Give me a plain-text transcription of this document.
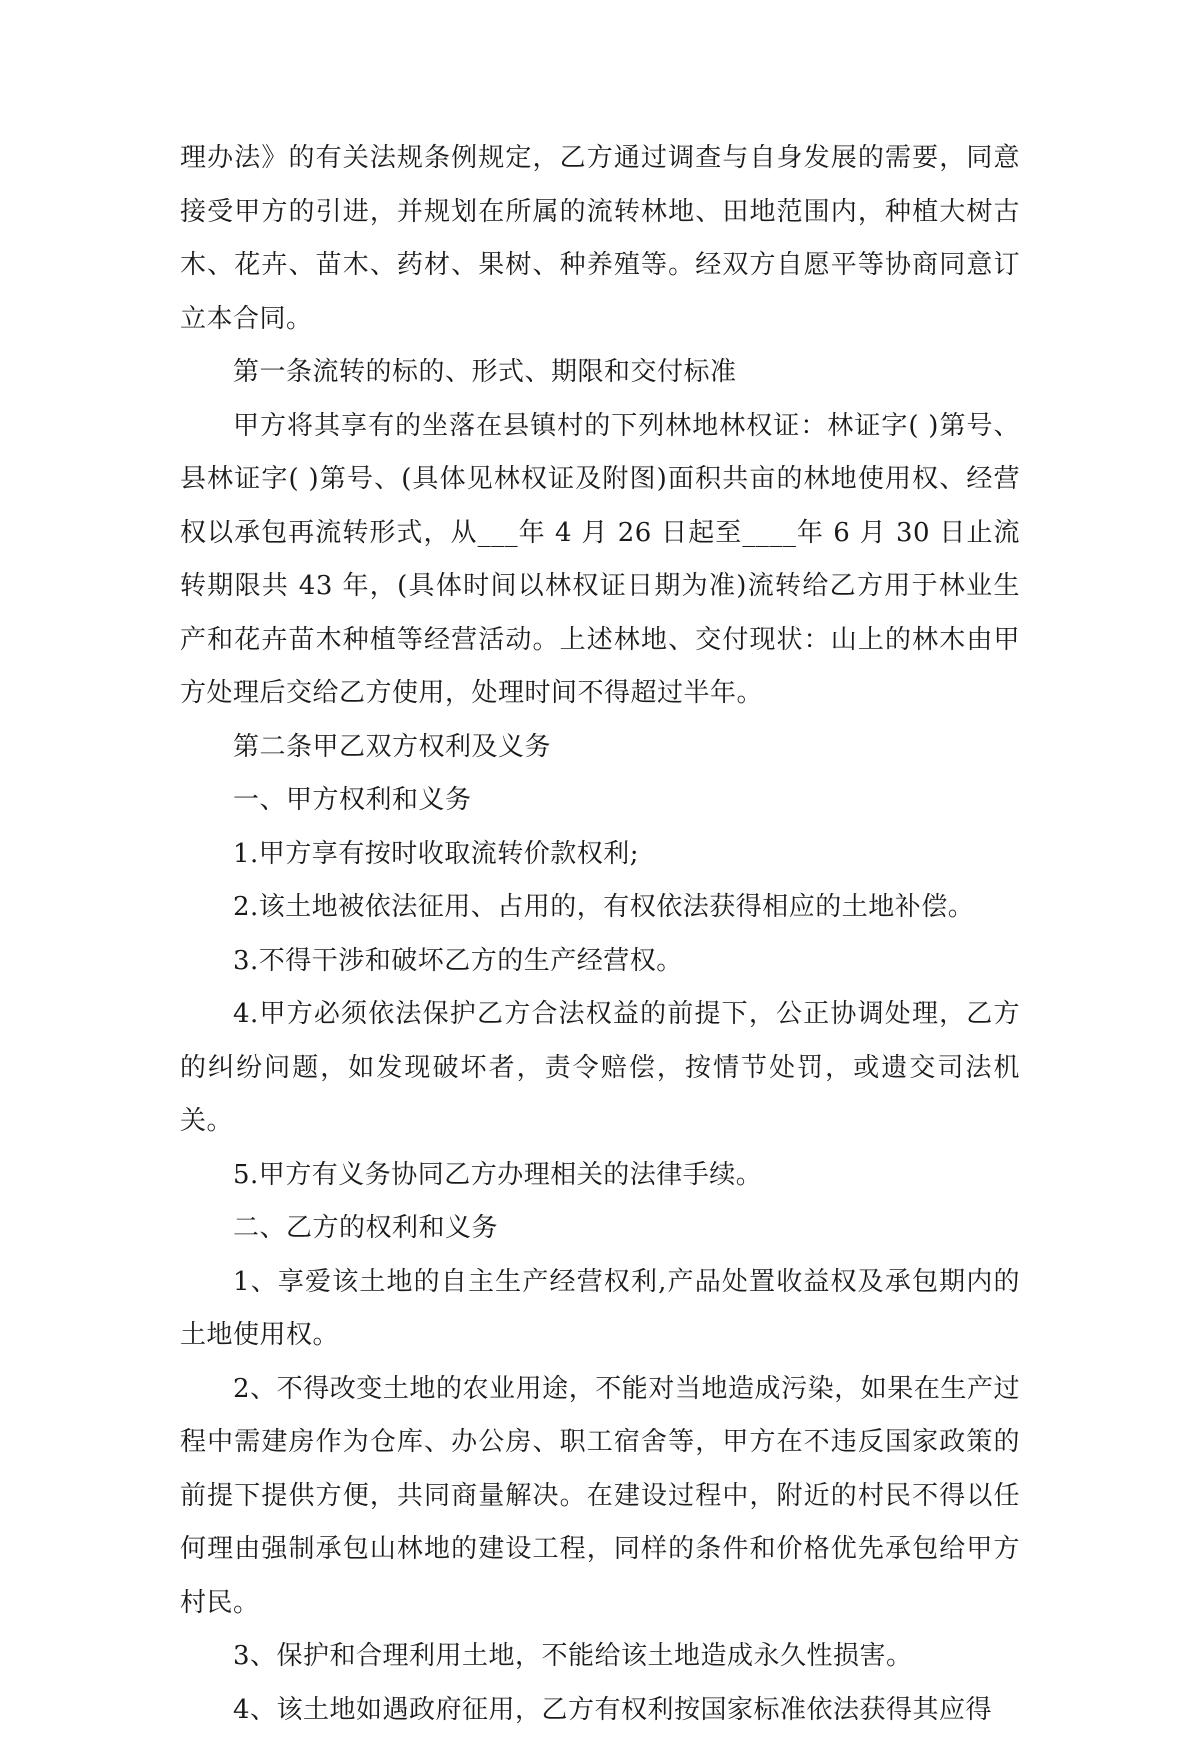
理办法》的有关法规条例规定，乙方通过调查与自身发展的需要，同意接受甲方的引进，并规划在所属的流转林地、田地范围内，种植大树古木、花卉、苗木、药材、果树、种养殖等。经双方自愿平等协商同意订立本合同。

第一条流转的标的、形式、期限和交付标准

甲方将其享有的坐落在县镇村的下列林地林权证：林证字( )第号、县林证字( )第号、(具体见林权证及附图)面积共亩的林地使用权、经营权以承包再流转形式，从___年 4 月 26 日起至____年 6 月 30 日止流转期限共 43 年，(具体时间以林权证日期为准)流转给乙方用于林业生产和花卉苗木种植等经营活动。上述林地、交付现状：山上的林木由甲方处理后交给乙方使用，处理时间不得超过半年。

第二条甲乙双方权利及义务

一、甲方权利和义务

1.甲方享有按时收取流转价款权利;

2.该土地被依法征用、占用的，有权依法获得相应的土地补偿。

3.不得干涉和破坏乙方的生产经营权。

4.甲方必须依法保护乙方合法权益的前提下，公正协调处理，乙方的纠纷问题，如发现破坏者，责令赔偿，按情节处罚，或遗交司法机关。

5.甲方有义务协同乙方办理相关的法律手续。

二、乙方的权利和义务

1、享爱该土地的自主生产经营权利,产品处置收益权及承包期内的土地使用权。

2、不得改变土地的农业用途，不能对当地造成污染，如果在生产过程中需建房作为仓库、办公房、职工宿舍等，甲方在不违反国家政策的前提下提供方便，共同商量解决。在建设过程中，附近的村民不得以任何理由强制承包山林地的建设工程，同样的条件和价格优先承包给甲方村民。

3、保护和合理利用土地，不能给该土地造成永久性损害。

4、该土地如遇政府征用，乙方有权利按国家标准依法获得其应得
